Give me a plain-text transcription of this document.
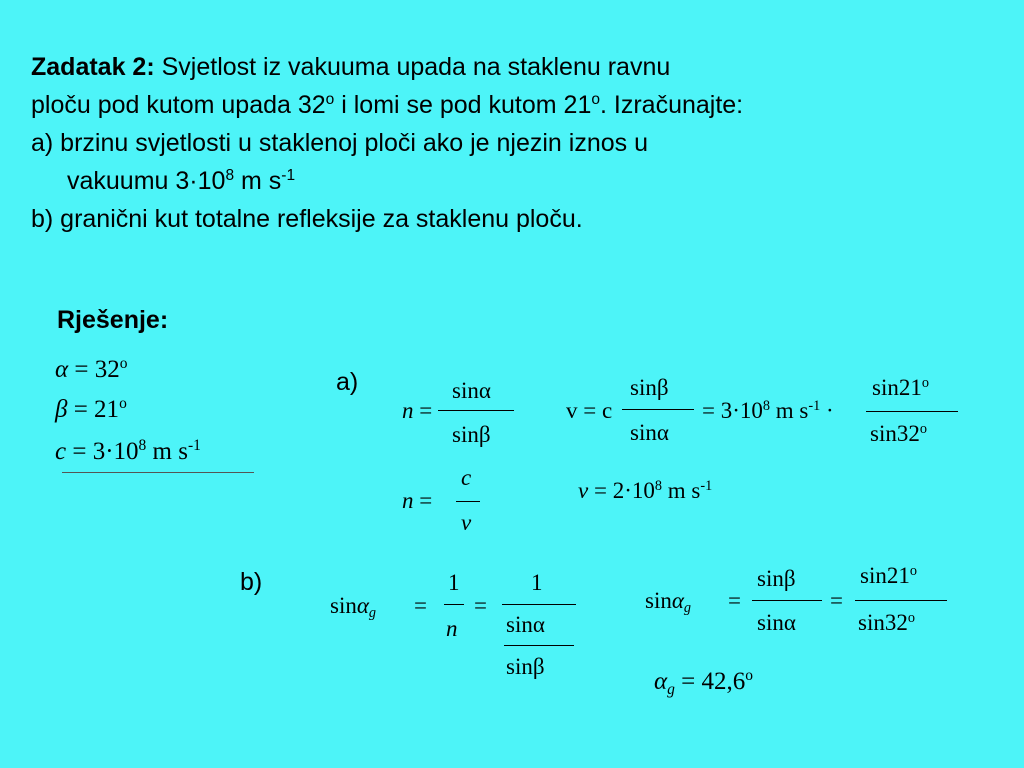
Zadatak 2: Svjetlost iz vakuuma upada na staklenu ravnu
ploču pod kutom upada 32$^o$ i lomi se pod kutom 21$^o$. Izračunajte:
a) brzinu svjetlosti u staklenoj ploči ako je njezin iznos u
vakuumu $3\cdot 10^8$ m $s^{-1}$
b) granični kut totalne refleksije za staklenu ploču.
Rješenje:
$\alpha = 32^o$
$\beta = 21^o$
$c = 3\cdot 10^8$ m $s^{-1}$
a)
b)
n =
sinα
sinβ
v = c
sinβ
sinα
= $3\cdot 10^8$ m $s^{-1}$ ·
$\sin 21^o$
sin32$^o$
n =
c
v
$v = 2\cdot 10^8$ m $s^{-1}$
sinα$_g$ =
1
n
=
1
sinα
sinβ
sinα$_g$ =
sinβ
sinα
=
$\sin 21^o$
sin32$^o$
$\alpha_g = 42,6^o$
